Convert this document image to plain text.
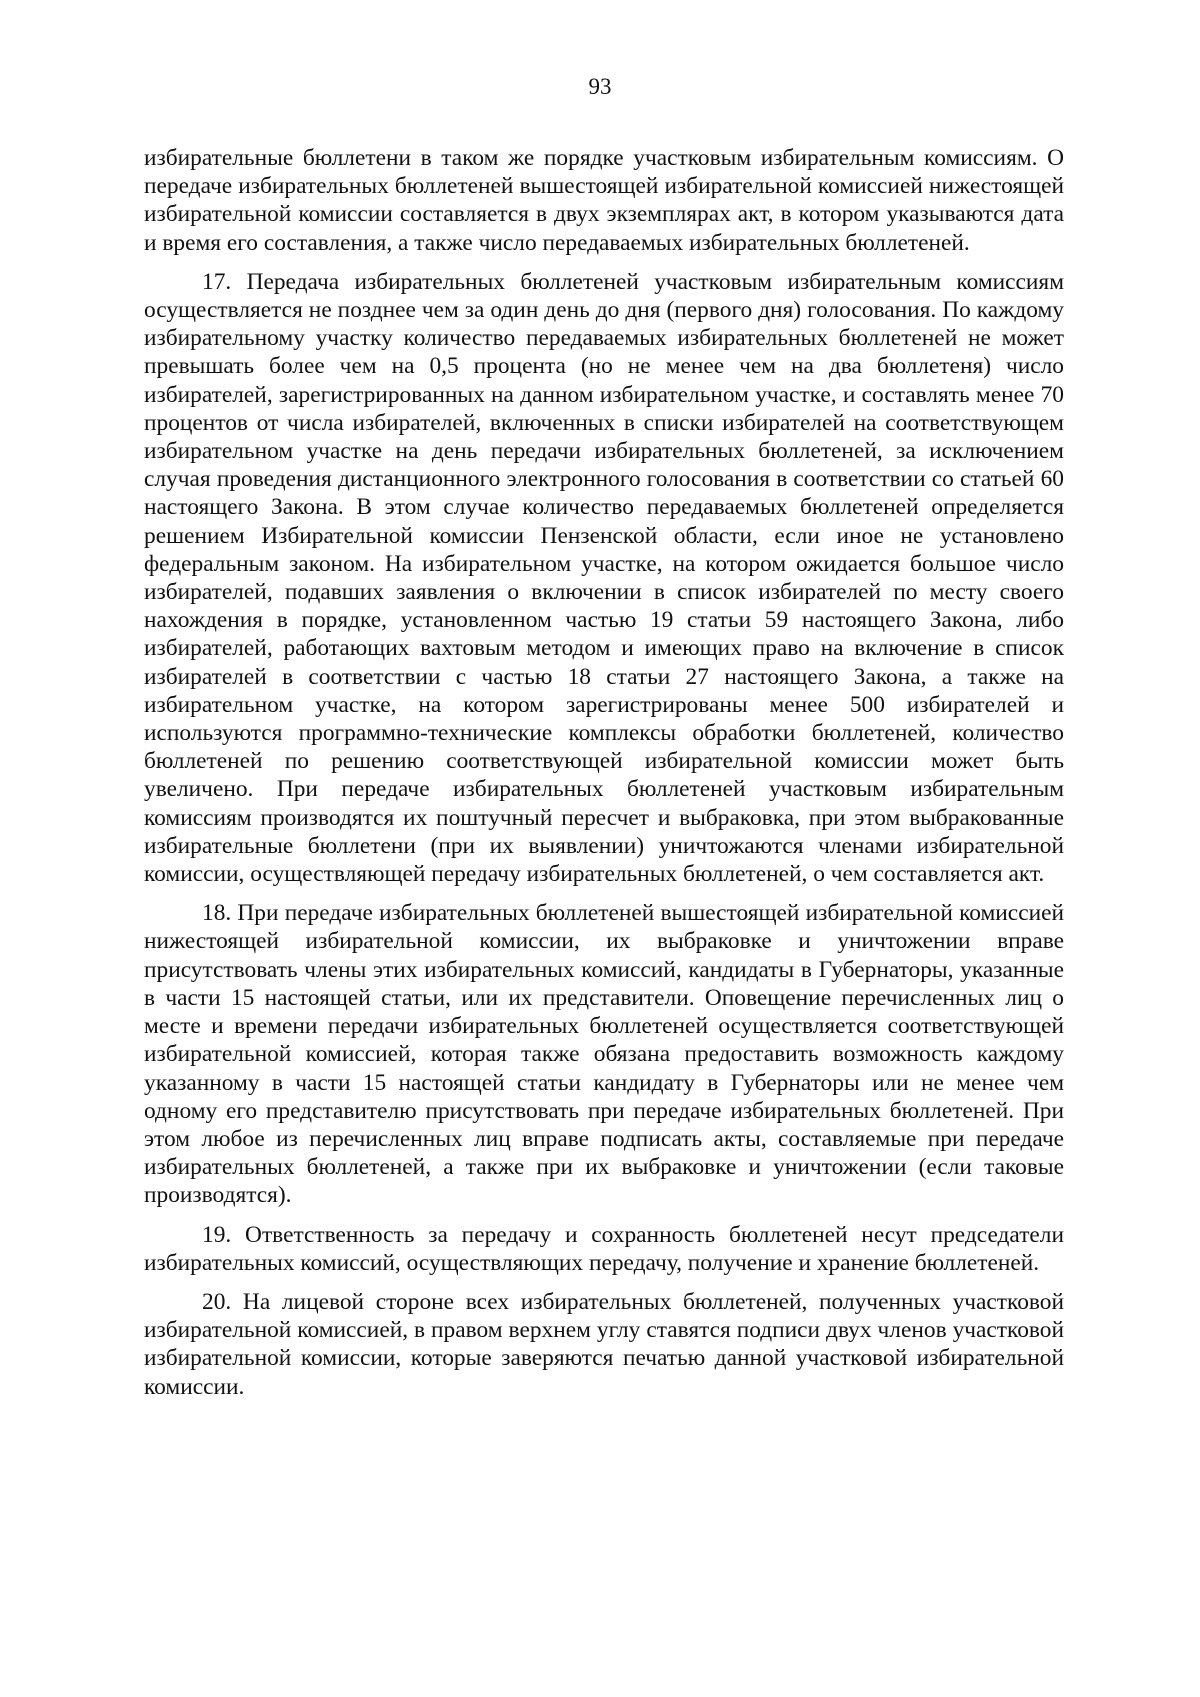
93

избирательные бюллетени в таком же порядке участковым избирательным комиссиям. О передаче избирательных бюллетеней вышестоящей избирательной комиссией нижестоящей избирательной комиссии составляется в двух экземплярах акт, в котором указываются дата и время его составления, а также число передаваемых избирательных бюллетеней.

17. Передача избирательных бюллетеней участковым избирательным комиссиям осуществляется не позднее чем за один день до дня (первого дня) голосования. По каждому избирательному участку количество передаваемых избирательных бюллетеней не может превышать более чем на 0,5 процента (но не менее чем на два бюллетеня) число избирателей, зарегистрированных на данном избирательном участке, и составлять менее 70 процентов от числа избирателей, включенных в списки избирателей на соответствующем избирательном участке на день передачи избирательных бюллетеней, за исключением случая проведения дистанционного электронного голосования в соответствии со статьей 60 настоящего Закона. В этом случае количество передаваемых бюллетеней определяется решением Избирательной комиссии Пензенской области, если иное не установлено федеральным законом. На избирательном участке, на котором ожидается большое число избирателей, подавших заявления о включении в список избирателей по месту своего нахождения в порядке, установленном частью 19 статьи 59 настоящего Закона, либо избирателей, работающих вахтовым методом и имеющих право на включение в список избирателей в соответствии с частью 18 статьи 27 настоящего Закона, а также на избирательном участке, на котором зарегистрированы менее 500 избирателей и используются программно-технические комплексы обработки бюллетеней, количество бюллетеней по решению соответствующей избирательной комиссии может быть увеличено. При передаче избирательных бюллетеней участковым избирательным комиссиям производятся их поштучный пересчет и выбраковка, при этом выбракованные избирательные бюллетени (при их выявлении) уничтожаются членами избирательной комиссии, осуществляющей передачу избирательных бюллетеней, о чем составляется акт.

18. При передаче избирательных бюллетеней вышестоящей избирательной комиссией нижестоящей избирательной комиссии, их выбраковке и уничтожении вправе присутствовать члены этих избирательных комиссий, кандидаты в Губернаторы, указанные в части 15 настоящей статьи, или их представители. Оповещение перечисленных лиц о месте и времени передачи избирательных бюллетеней осуществляется соответствующей избирательной комиссией, которая также обязана предоставить возможность каждому указанному в части 15 настоящей статьи кандидату в Губернаторы или не менее чем одному его представителю присутствовать при передаче избирательных бюллетеней. При этом любое из перечисленных лиц вправе подписать акты, составляемые при передаче избирательных бюллетеней, а также при их выбраковке и уничтожении (если таковые производятся).

19. Ответственность за передачу и сохранность бюллетеней несут председатели избирательных комиссий, осуществляющих передачу, получение и хранение бюллетеней.

20. На лицевой стороне всех избирательных бюллетеней, полученных участковой избирательной комиссией, в правом верхнем углу ставятся подписи двух членов участковой избирательной комиссии, которые заверяются печатью данной участковой избирательной комиссии.
